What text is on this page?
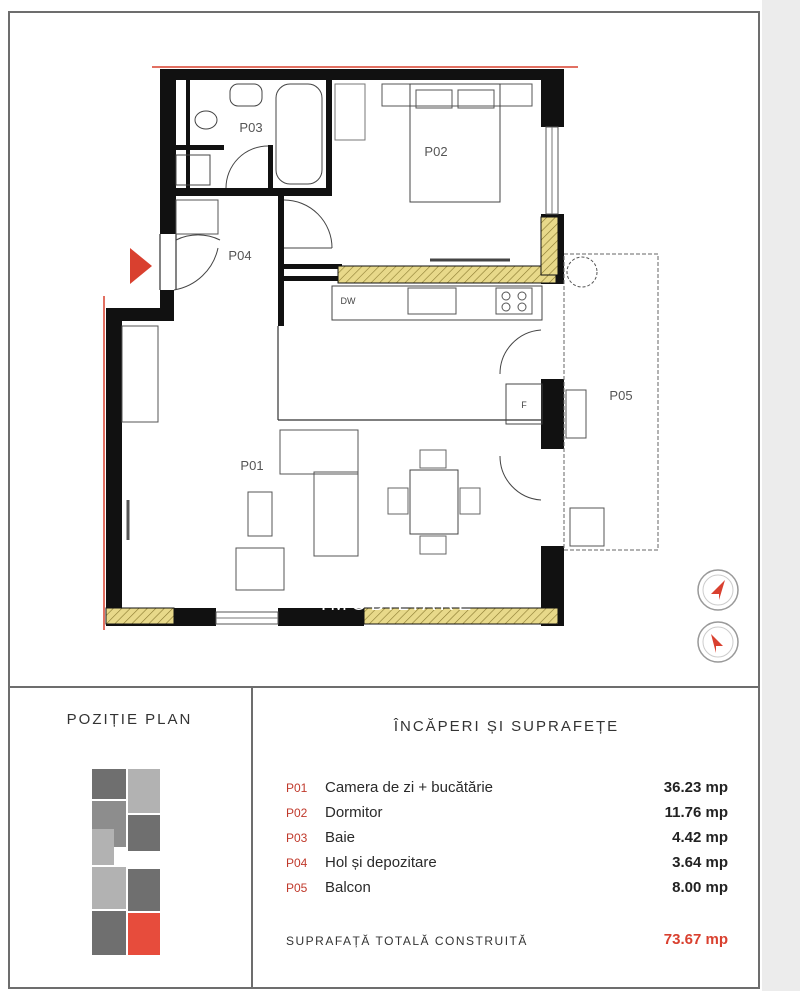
P01
P02
P03
P04
P05
DW
F
IMOBILIARE
POZIȚIE PLAN	ÎNCĂPERI ȘI SUPRAFEȚE
P01 Camera de zi + bucătărie	36.23 mp
P02 Dormitor	11.76 mp
P03 Baie	4.42 mp
P04 Hol și depozitare	3.64 mp
P05 Balcon	8.00 mp
SUPRAFAȚĂ TOTALĂ CONSTRUITĂ	73.67 mp
